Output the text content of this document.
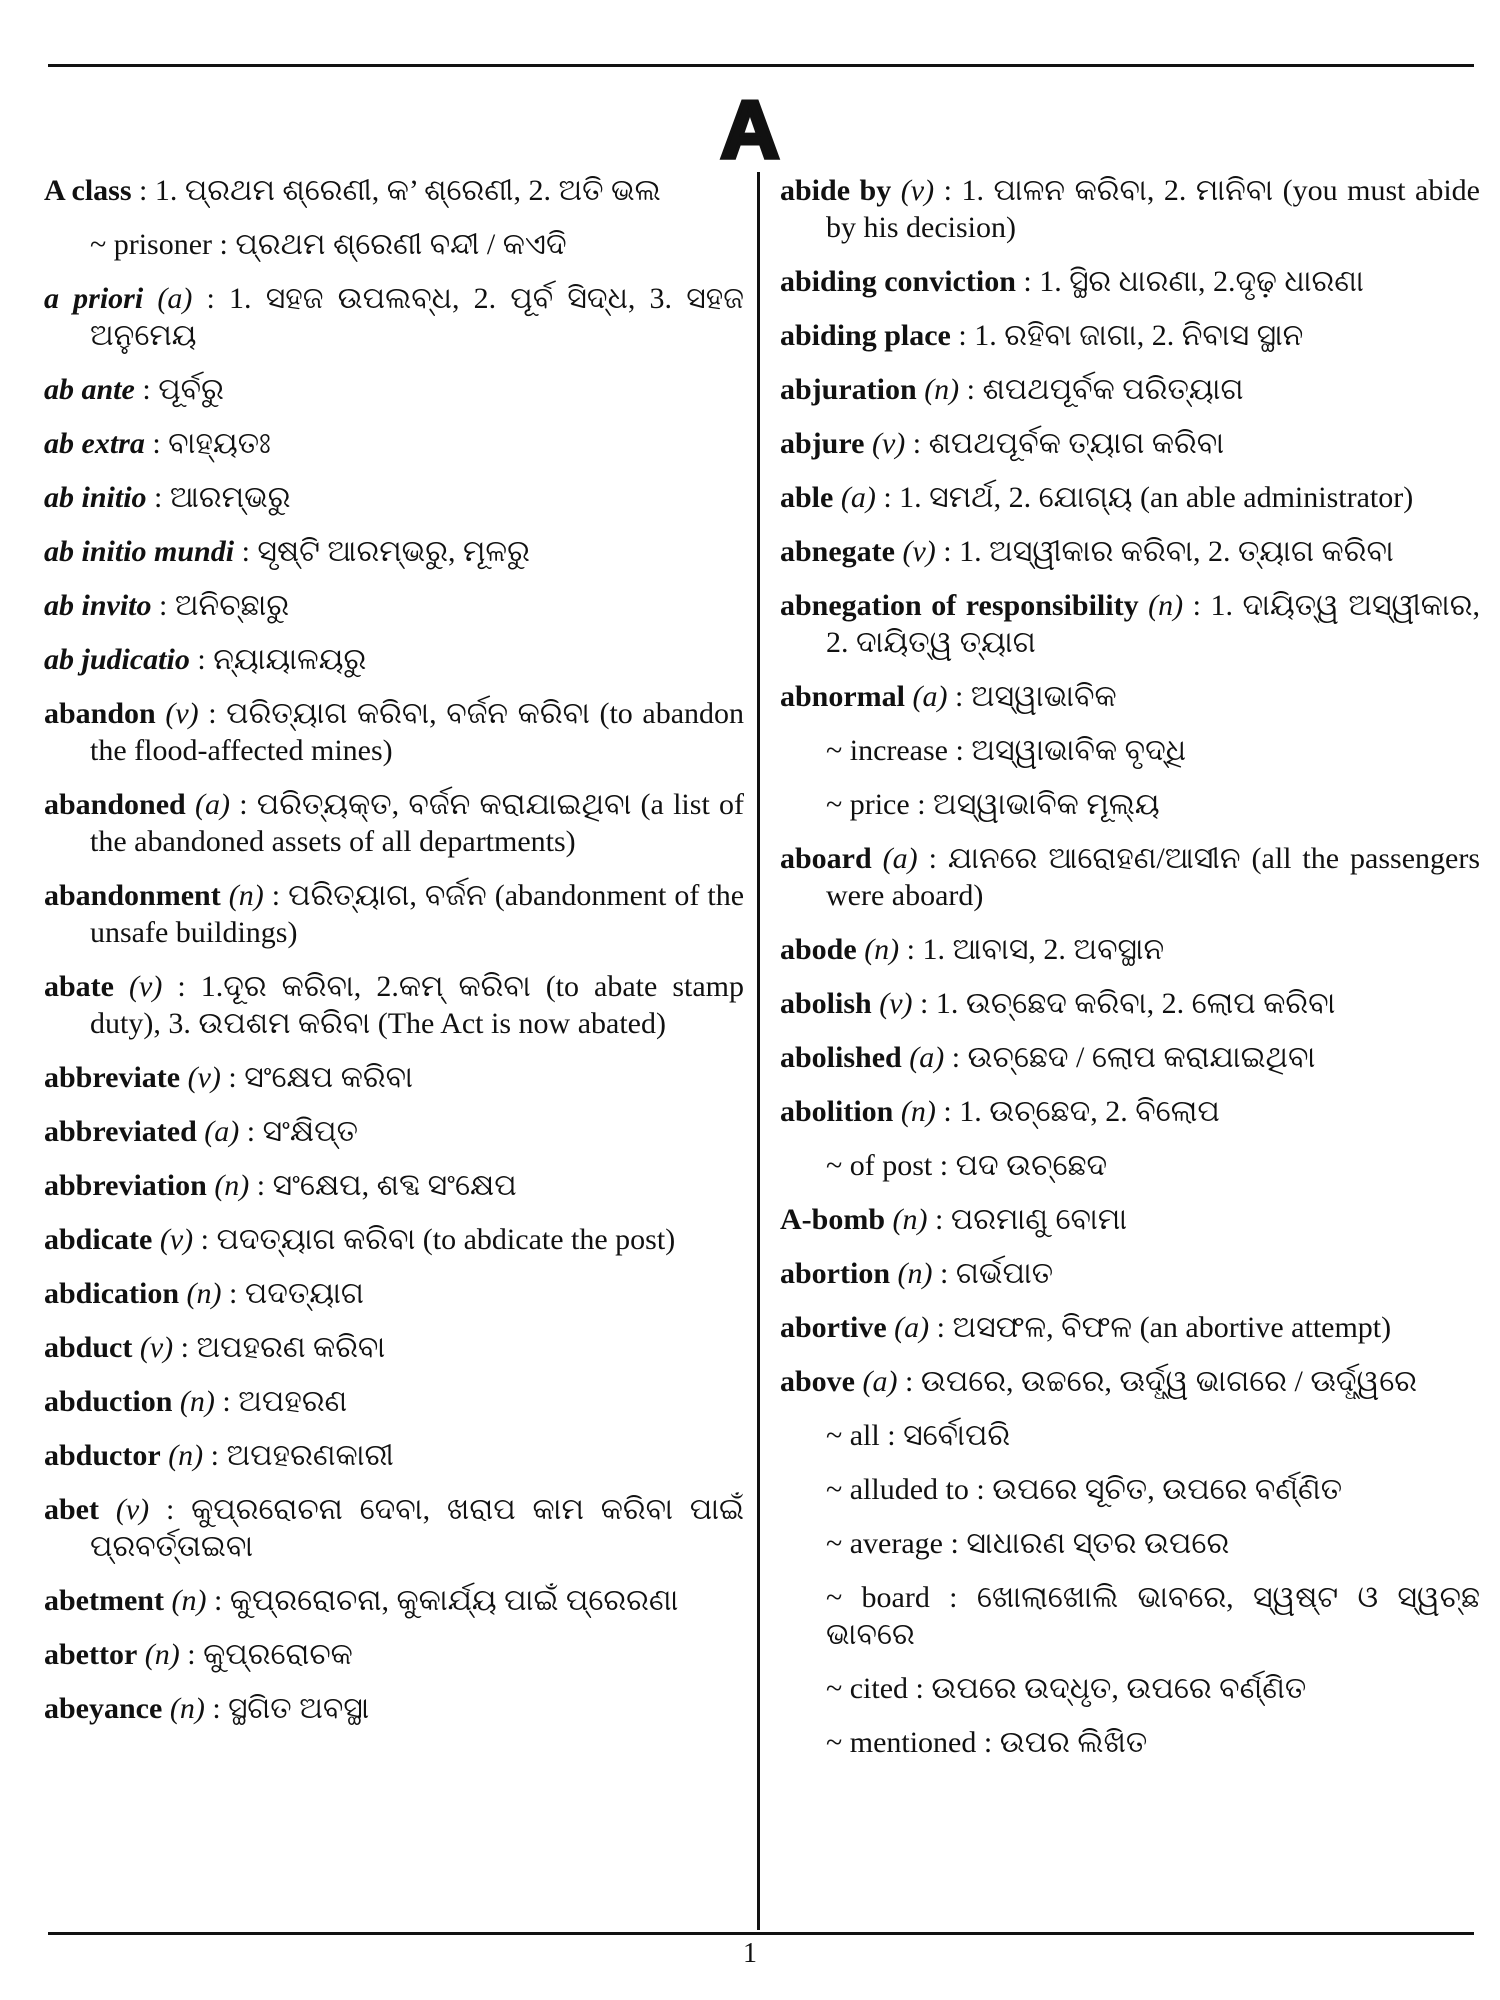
A
A class : 1. ପ୍ରଥମ ଶ୍ରେଣୀ, କ’ ଶ୍ରେଣୀ, 2. ଅତି ଭଲ
~ prisoner : ପ୍ରଥମ ଶ୍ରେଣୀ ବନ୍ଦୀ / କଏଦି
a priori (a) : 1. ସହଜ ଉପଲବ୍ଧ, 2. ପୂର୍ବ ସିଦ୍ଧ, 3. ସହଜ ଅନୁମେୟ
ab ante : ପୂର୍ବରୁ
ab extra : ବାହ୍ୟତଃ
ab initio : ଆରମ୍ଭରୁ
ab initio mundi : ସୃଷ୍ଟି ଆରମ୍ଭରୁ, ମୂଳରୁ
ab invito : ଅନିଚ୍ଛାରୁ
ab judicatio : ନ୍ୟାୟାଳୟରୁ
abandon (v) : ପରିତ୍ୟାଗ କରିବା, ବର୍ଜନ କରିବା (to abandon the flood-affected mines)
abandoned (a) : ପରିତ୍ୟକ୍ତ, ବର୍ଜନ କରାଯାଇଥିବା (a list of the abandoned assets of all departments)
abandonment (n) : ପରିତ୍ୟାଗ, ବର୍ଜନ (abandonment of the unsafe buildings)
abate (v) : 1.ଦୂର କରିବା, 2.କମ୍ କରିବା (to abate stamp duty), 3. ଉପଶମ କରିବା (The Act is now abated)
abbreviate (v) : ସଂକ୍ଷେପ କରିବା
abbreviated (a) : ସଂକ୍ଷିପ୍ତ
abbreviation (n) : ସଂକ୍ଷେପ, ଶବ୍ଦ ସଂକ୍ଷେପ
abdicate (v) : ପଦତ୍ୟାଗ କରିବା (to abdicate the post)
abdication (n) : ପଦତ୍ୟାଗ
abduct (v) : ଅପହରଣ କରିବା
abduction (n) : ଅପହରଣ
abductor (n) : ଅପହରଣକାରୀ
abet (v) : କୁପ୍ରରୋଚନା ଦେବା, ଖରାପ କାମ କରିବା ପାଇଁ ପ୍ରବର୍ତ୍ତାଇବା
abetment (n) : କୁପ୍ରରୋଚନା, କୁକାର୍ଯ୍ୟ ପାଇଁ ପ୍ରେରଣା
abettor (n) : କୁପ୍ରରୋଚକ
abeyance (n) : ସ୍ଥଗିତ ଅବସ୍ଥା
abide by (v) : 1. ପାଳନ କରିବା, 2. ମାନିବା (you must abide by his decision)
abiding conviction : 1. ସ୍ଥିର ଧାରଣା, 2.ଦୃଢ଼ ଧାରଣା
abiding place : 1. ରହିବା ଜାଗା, 2. ନିବାସ ସ୍ଥାନ
abjuration (n) : ଶପଥପୂର୍ବକ ପରିତ୍ୟାଗ
abjure (v) : ଶପଥପୂର୍ବକ ତ୍ୟାଗ କରିବା
able (a) : 1. ସମର୍ଥ, 2. ଯୋଗ୍ୟ (an able administrator)
abnegate (v) : 1. ଅସ୍ୱୀକାର କରିବା, 2. ତ୍ୟାଗ କରିବା
abnegation of responsibility (n) : 1. ଦାୟିତ୍ୱ ଅସ୍ୱୀକାର, 2. ଦାୟିତ୍ୱ ତ୍ୟାଗ
abnormal (a) : ଅସ୍ୱାଭାବିକ
~ increase : ଅସ୍ୱାଭାବିକ ବୃଦ୍ଧି
~ price : ଅସ୍ୱାଭାବିକ ମୂଲ୍ୟ
aboard (a) : ଯାନରେ ଆରୋହଣ/ଆସୀନ (all the passengers were aboard)
abode (n) : 1. ଆବାସ, 2. ଅବସ୍ଥାନ
abolish (v) : 1. ଉଚ୍ଛେଦ କରିବା, 2. ଲୋପ କରିବା
abolished (a) : ଉଚ୍ଛେଦ / ଲୋପ କରାଯାଇଥିବା
abolition (n) : 1. ଉଚ୍ଛେଦ, 2. ବିଲୋପ
~ of post : ପଦ ଉଚ୍ଛେଦ
A-bomb (n) : ପରମାଣୁ ବୋମା
abortion (n) : ଗର୍ଭପାତ
abortive (a) : ଅସଫଳ, ବିଫଳ (an abortive attempt)
above (a) : ଉପରେ, ଉଚ୍ଚରେ, ଊର୍ଦ୍ଧ୍ୱ ଭାଗରେ / ଊର୍ଦ୍ଧ୍ୱରେ
~ all : ସର୍ବୋପରି
~ alluded to : ଉପରେ ସୂଚିତ, ଉପରେ ବର୍ଣ୍ଣିତ
~ average : ସାଧାରଣ ସ୍ତର ଉପରେ
~ board : ଖୋଲାଖୋଲି ଭାବରେ, ସ୍ୱଷ୍ଟ ଓ ସ୍ୱଚ୍ଛ ଭାବରେ
~ cited : ଉପରେ ଉଦ୍ଧୃତ, ଉପରେ ବର୍ଣ୍ଣିତ
~ mentioned : ଉପର ଲିଖିତ
1
